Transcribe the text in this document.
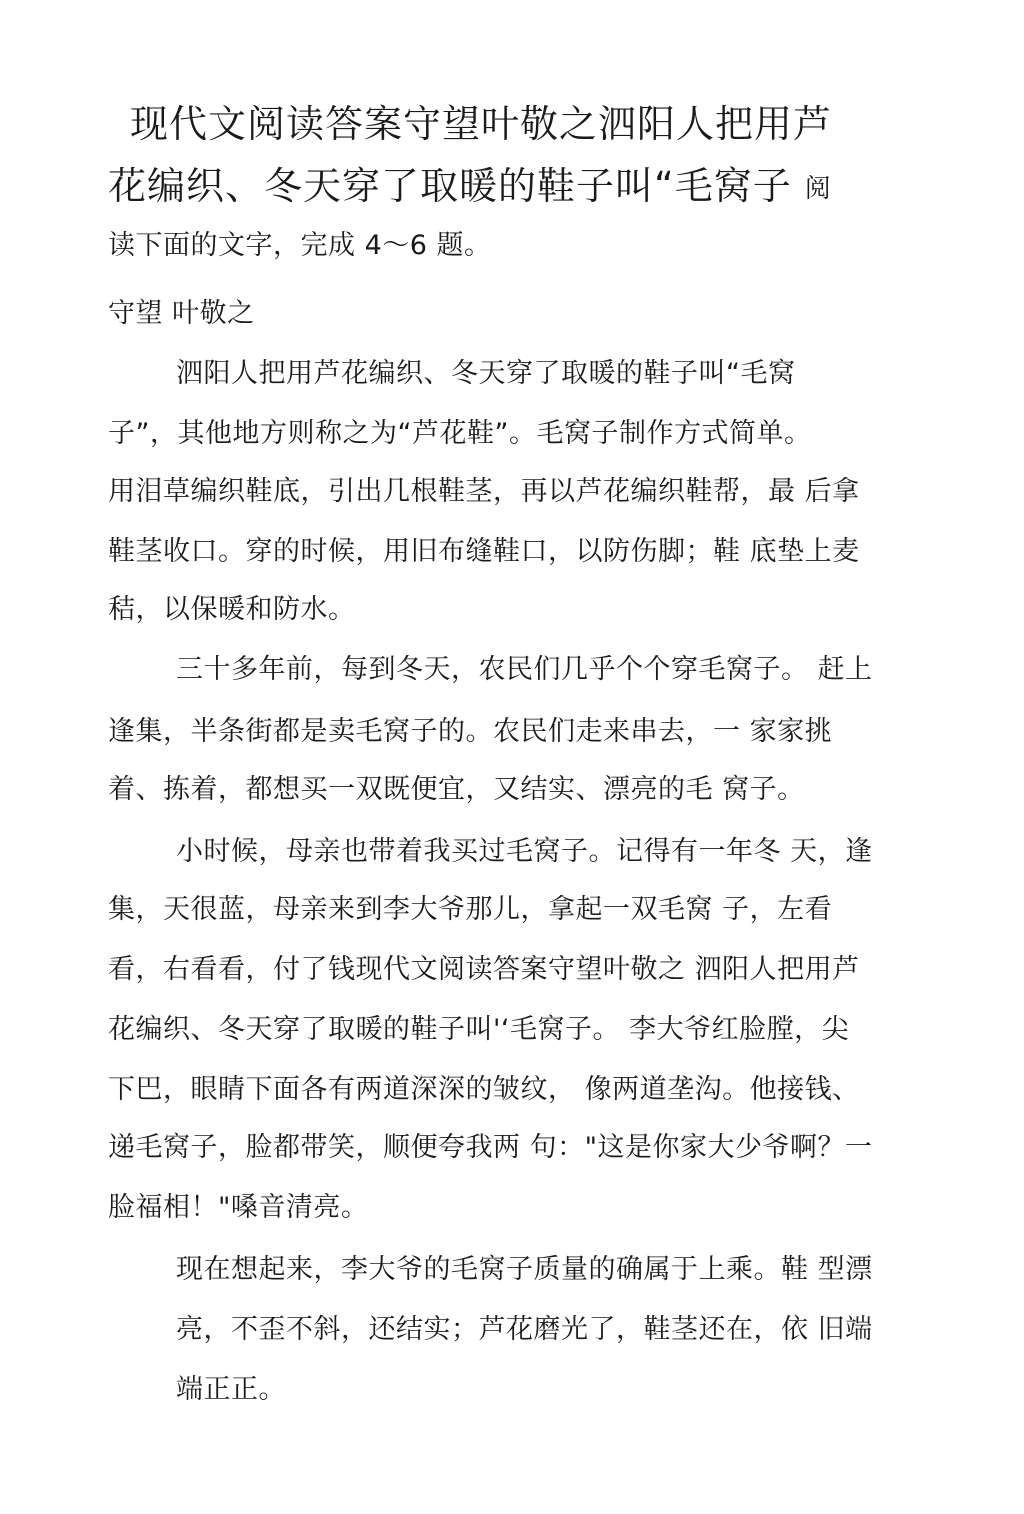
现代文阅读答案守望叶敬之泗阳人把用芦
花编织、冬天穿了取暖的鞋子叫“毛窝子 阅
读下面的文字，完成 4～6 题。
守望 叶敬之
泗阳人把用芦花编织、冬天穿了取暖的鞋子叫“毛窝
子”，其他地方则称之为“芦花鞋”。毛窝子制作方式简单。
用泪草编织鞋底，引出几根鞋茎，再以芦花编织鞋帮，最 后拿
鞋茎收口。穿的时候，用旧布缝鞋口，以防伤脚；鞋 底垫上麦
秸，以保暖和防水。
三十多年前，每到冬天，农民们几乎个个穿毛窝子。 赶上
逢集，半条街都是卖毛窝子的。农民们走来串去，一 家家挑
着、拣着，都想买一双既便宜，又结实、漂亮的毛 窝子。
小时候，母亲也带着我买过毛窝子。记得有一年冬 天，逢
集，天很蓝，母亲来到李大爷那儿，拿起一双毛窝 子，左看
看，右看看，付了钱现代文阅读答案守望叶敬之 泗阳人把用芦
花编织、冬天穿了取暖的鞋子叫'‘毛窝子。 李大爷红脸膛，尖
下巴，眼睛下面各有两道深深的皱纹， 像两道垄沟。他接钱、
递毛窝子，脸都带笑，顺便夸我两 句："这是你家大少爷啊？一
脸福相！"嗓音清亮。
现在想起来，李大爷的毛窝子质量的确属于上乘。鞋 型漂
亮，不歪不斜，还结实；芦花磨光了，鞋茎还在，依 旧端
端正正。
